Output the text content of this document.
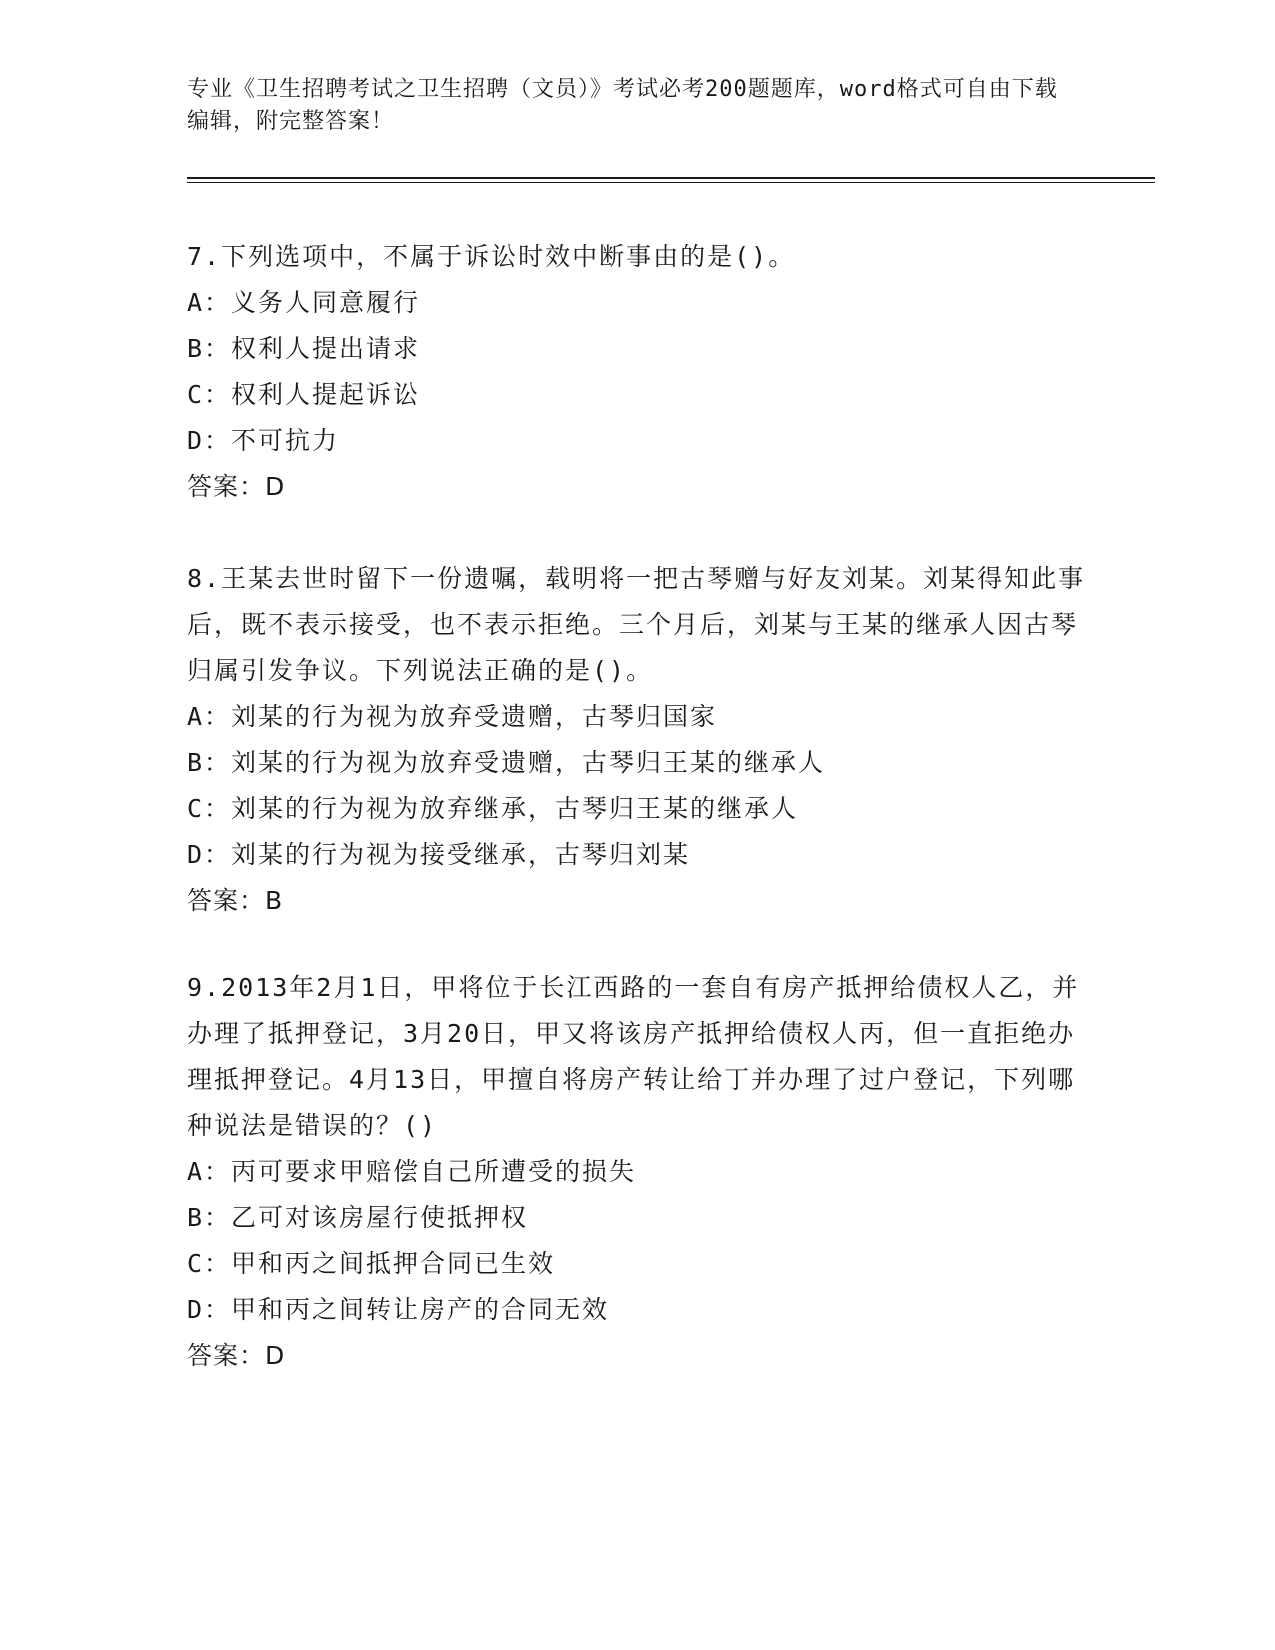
专业《卫生招聘考试之卫生招聘（文员）》考试必考200题题库，word格式可自由下载编辑，附完整答案！
7.下列选项中，不属于诉讼时效中断事由的是()。
A：义务人同意履行
B：权利人提出请求
C：权利人提起诉讼
D：不可抗力
答案：D
8.王某去世时留下一份遗嘱，载明将一把古琴赠与好友刘某。刘某得知此事后，既不表示接受，也不表示拒绝。三个月后，刘某与王某的继承人因古琴归属引发争议。下列说法正确的是()。
A：刘某的行为视为放弃受遗赠，古琴归国家
B：刘某的行为视为放弃受遗赠，古琴归王某的继承人
C：刘某的行为视为放弃继承，古琴归王某的继承人
D：刘某的行为视为接受继承，古琴归刘某
答案：B
9.2013年2月1日，甲将位于长江西路的一套自有房产抵押给债权人乙，并办理了抵押登记，3月20日，甲又将该房产抵押给债权人丙，但一直拒绝办理抵押登记。4月13日，甲擅自将房产转让给丁并办理了过户登记，下列哪种说法是错误的？()
A：丙可要求甲赔偿自己所遭受的损失
B：乙可对该房屋行使抵押权
C：甲和丙之间抵押合同已生效
D：甲和丙之间转让房产的合同无效
答案：D
